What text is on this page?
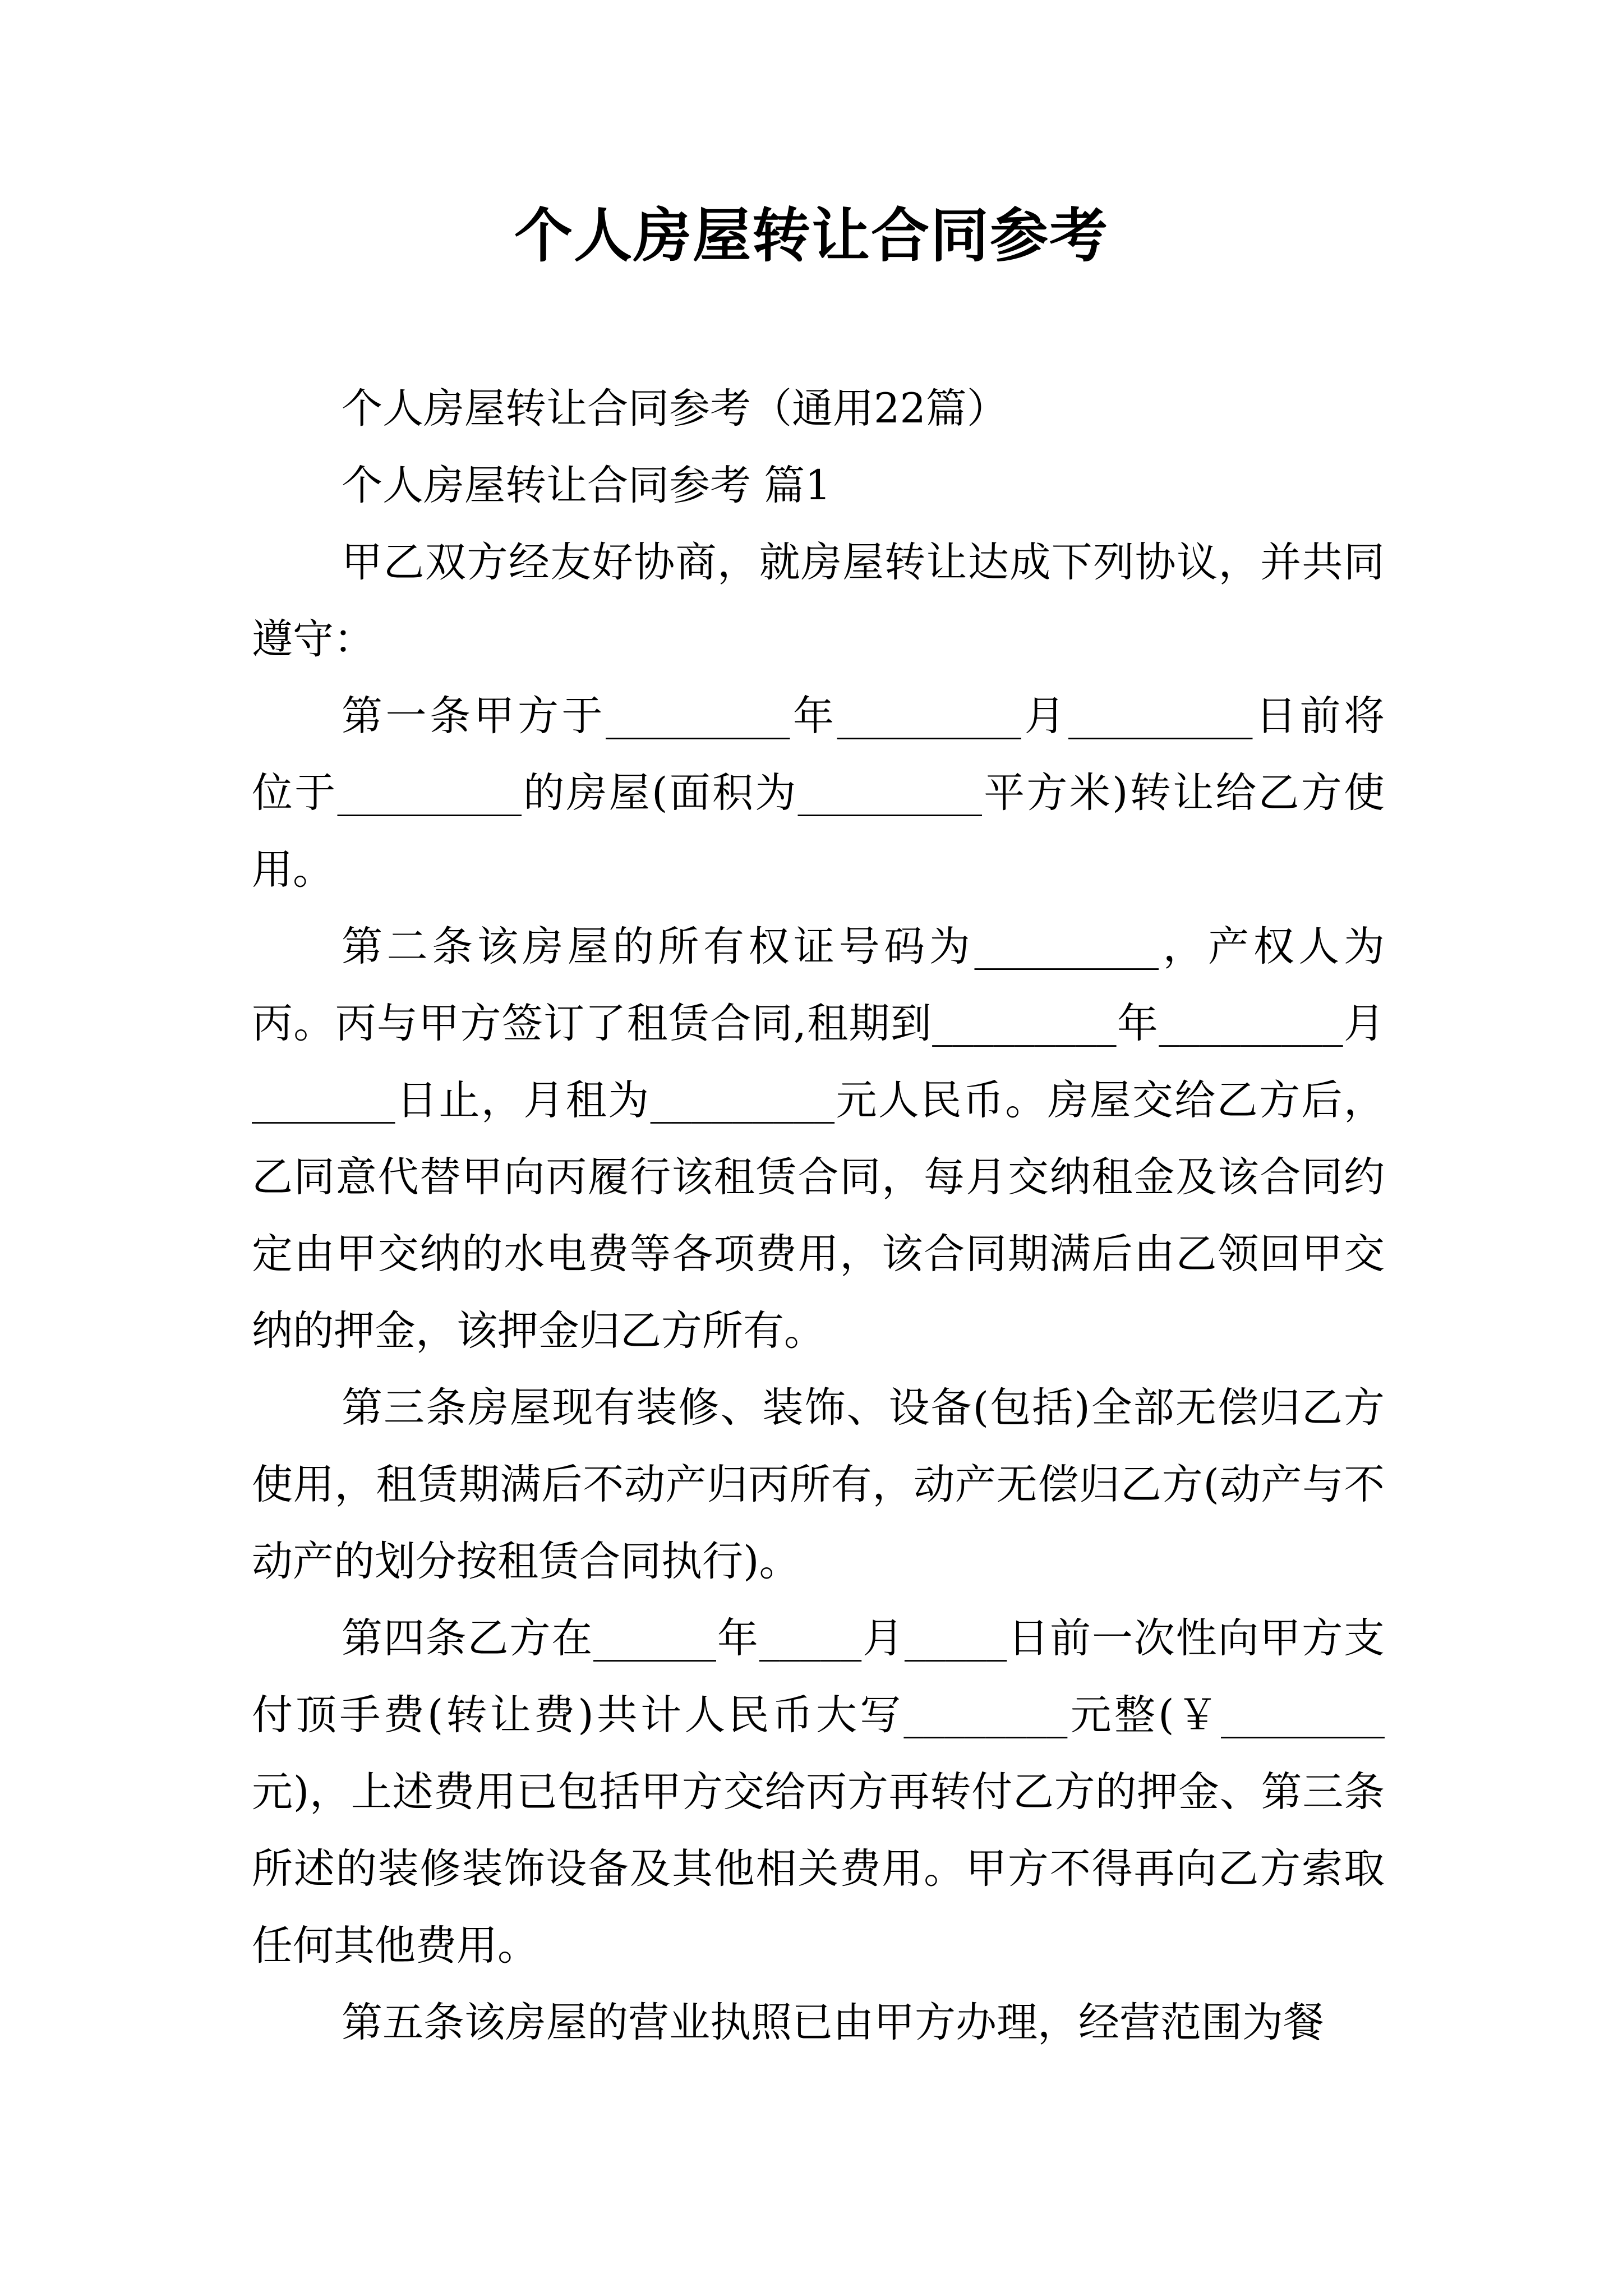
个人房屋转让合同参考

个人房屋转让合同参考（通用22篇）

个人房屋转让合同参考 篇1

甲乙双方经友好协商，就房屋转让达成下列协议，并共同遵守：

第一条甲方于_________年_________月_________日前将位于_________的房屋(面积为_________平方米)转让给乙方使用。

第二条该房屋的所有权证号码为_________，产权人为丙。丙与甲方签订了租赁合同,租期到_________年_________月_______日止，月租为_________元人民币。房屋交给乙方后，乙同意代替甲向丙履行该租赁合同，每月交纳租金及该合同约定由甲交纳的水电费等各项费用，该合同期满后由乙领回甲交纳的押金，该押金归乙方所有。

第三条房屋现有装修、装饰、设备(包括)全部无偿归乙方使用，租赁期满后不动产归丙所有，动产无偿归乙方(动产与不动产的划分按租赁合同执行)。

第四条乙方在______年_____月_____日前一次性向甲方支付顶手费(转让费)共计人民币大写________元整(￥________元)，上述费用已包括甲方交给丙方再转付乙方的押金、第三条所述的装修装饰设备及其他相关费用。甲方不得再向乙方索取任何其他费用。

第五条该房屋的营业执照已由甲方办理，经营范围为餐
